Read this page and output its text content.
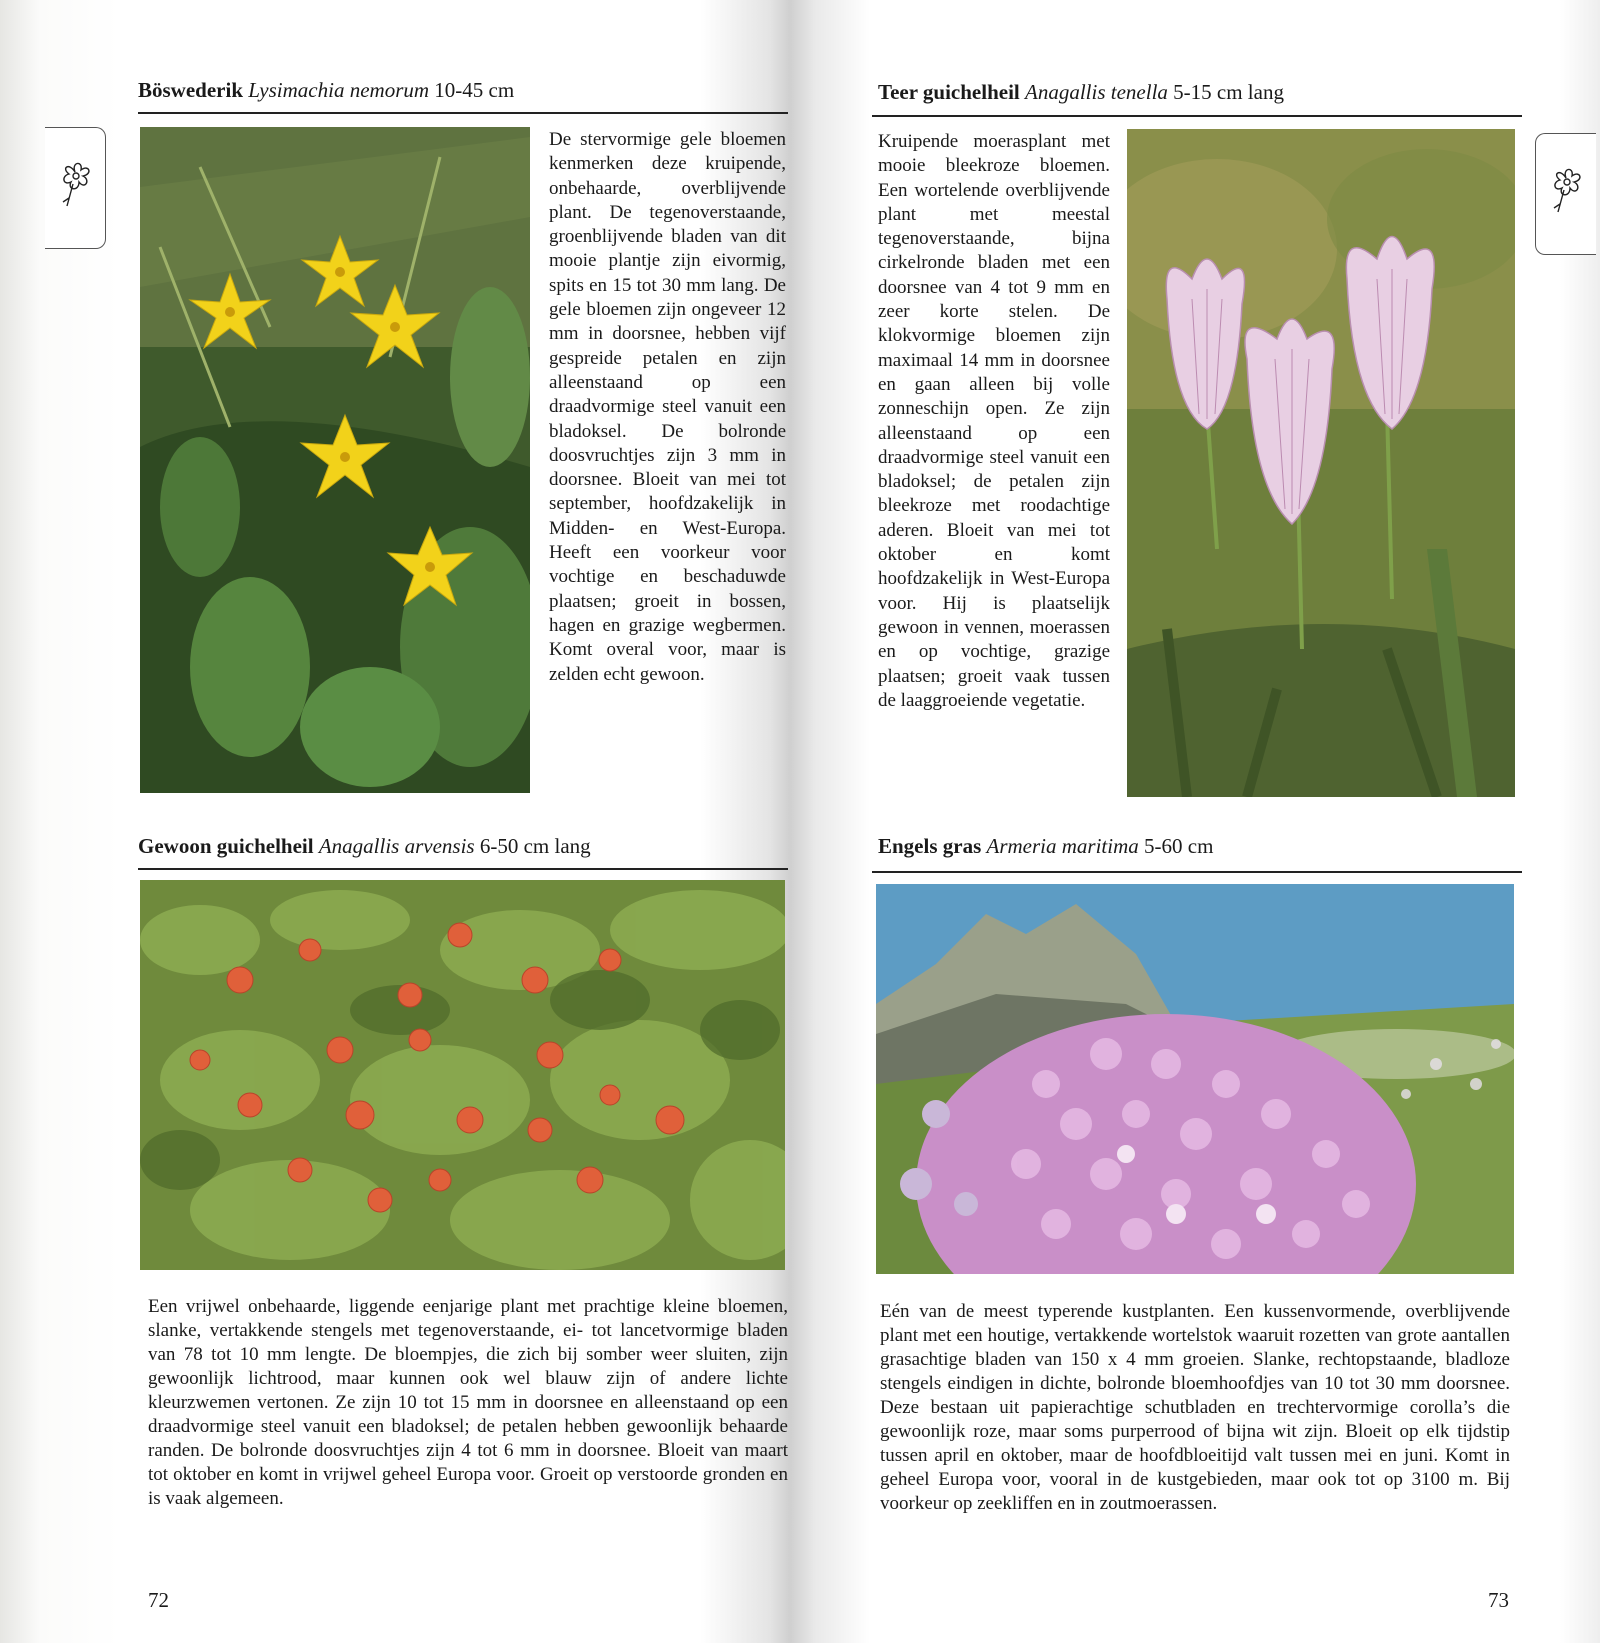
Böswederik Lysimachia nemorum 10-45 cm
De stervormige gele bloemen kenmerken deze kruipende, onbehaarde, overblijvende plant. De tegenoverstaande, groenblijvende bladen van dit mooie plantje zijn eivormig, spits en 15 tot 30 mm lang. De gele bloemen zijn ongeveer 12 mm in doorsnee, hebben vijf gespreide petalen en zijn alleenstaand op een draadvormige steel vanuit een bladoksel. De bolronde doosvruchtjes zijn 3 mm in doorsnee. Bloeit van mei tot september, hoofdzakelijk in Midden- en West-Europa. Heeft een voorkeur voor vochtige en beschaduwde plaatsen; groeit in bossen, hagen en grazige wegbermen. Komt overal voor, maar is zelden echt gewoon.
Gewoon guichelheil Anagallis arvensis 6-50 cm lang
Een vrijwel onbehaarde, liggende eenjarige plant met prachtige kleine bloemen, slanke, vertakkende stengels met tegenoverstaande, ei- tot lancetvormige bladen van 78 tot 10 mm lengte. De bloempjes, die zich bij somber weer sluiten, zijn gewoonlijk lichtrood, maar kunnen ook wel blauw zijn of andere lichte kleurzwemen vertonen. Ze zijn 10 tot 15 mm in doorsnee en alleenstaand op een draadvormige steel vanuit een bladoksel; de petalen hebben gewoonlijk behaarde randen. De bolronde doosvruchtjes zijn 4 tot 6 mm in doorsnee. Bloeit van maart tot oktober en komt in vrijwel geheel Europa voor. Groeit op verstoorde gronden en is vaak algemeen.
72
Teer guichelheil Anagallis tenella 5-15 cm lang
Kruipende moerasplant met mooie bleekroze bloemen. Een wortelende overblijvende plant met meestal tegenoverstaande, bijna cirkelronde bladen met een doorsnee van 4 tot 9 mm en zeer korte stelen. De klokvormige bloemen zijn maximaal 14 mm in doorsnee en gaan alleen bij volle zonneschijn open. Ze zijn alleenstaand op een draadvormige steel vanuit een bladoksel; de petalen zijn bleekroze met roodachtige aderen. Bloeit van mei tot oktober en komt hoofdzakelijk in West-Europa voor. Hij is plaatselijk gewoon in vennen, moerassen en op vochtige, grazige plaatsen; groeit vaak tussen de laaggroeiende vegetatie.
Engels gras Armeria maritima 5-60 cm
Eén van de meest typerende kustplanten. Een kussenvormende, overblijvende plant met een houtige, vertakkende wortelstok waaruit rozetten van grote aantallen grasachtige bladen van 150 x 4 mm groeien. Slanke, rechtopstaande, bladloze stengels eindigen in dichte, bolronde bloemhoofdjes van 10 tot 30 mm doorsnee. Deze bestaan uit papierachtige schutbladen en trechtervormige corolla’s die gewoonlijk roze, maar soms purperrood of bijna wit zijn. Bloeit op elk tijdstip tussen april en oktober, maar de hoofdbloeitijd valt tussen mei en juni. Komt in geheel Europa voor, vooral in de kustgebieden, maar ook tot op 3100 m. Bij voorkeur op zeekliffen en in zoutmoerassen.
73
